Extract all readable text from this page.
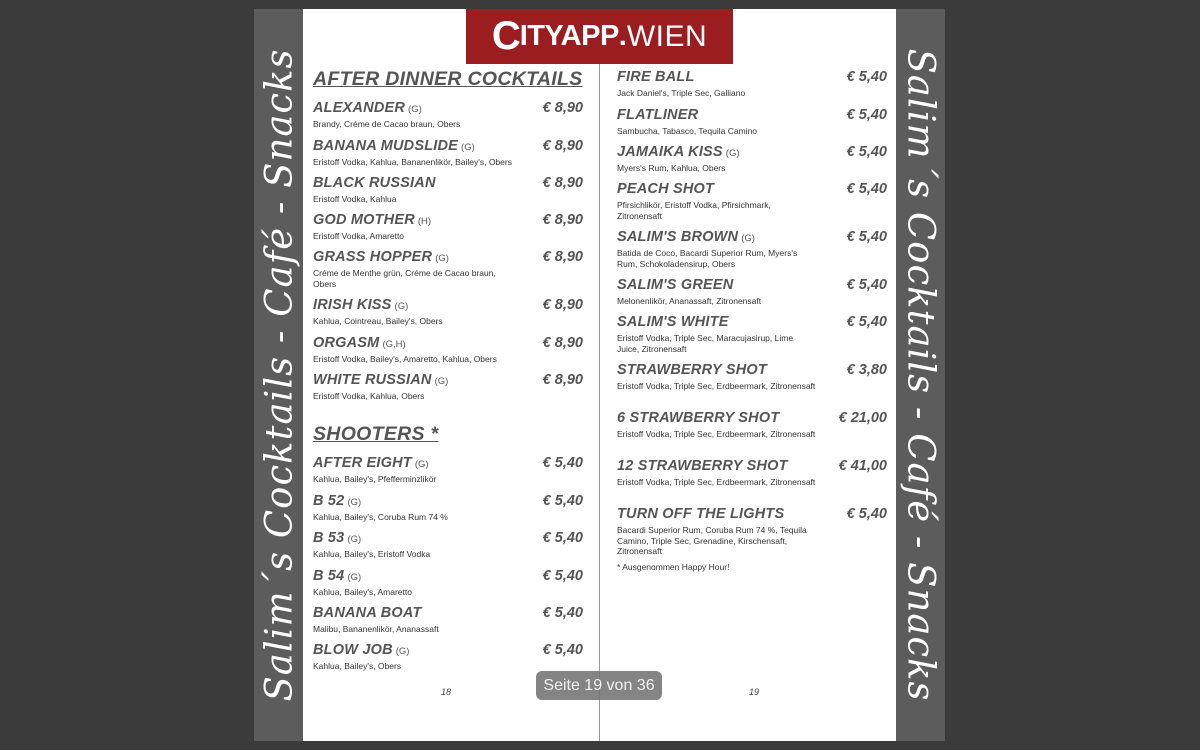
Salim´s Cocktails - Café - Snacks	Salim´s Cocktails - Café - Snacks
C ITYAPP . WIEN
AFTER DINNER COCKTAILS
ALEXANDER (G)	€ 8,90
Brandy, Créme de Cacao braun, Obers
BANANA MUDSLIDE (G)	€ 8,90
Eristoff Vodka, Kahlua, Bananenlikör, Bailey's, Obers
BLACK RUSSIAN	€ 8,90
Eristoff Vodka, Kahlua
GOD MOTHER (H)	€ 8,90
Eristoff Vodka, Amaretto
GRASS HOPPER (G)	€ 8,90
Créme de Menthe grün, Créme de Cacao braun, Obers
IRISH KISS (G)	€ 8,90
Kahlua, Cointreau, Bailey's, Obers
ORGASM (G,H)	€ 8,90
Eristoff Vodka, Bailey's, Amaretto, Kahlua, Obers
WHITE RUSSIAN (G)	€ 8,90
Eristoff Vodka, Kahlua, Obers
SHOOTERS *
AFTER EIGHT (G)	€ 5,40
Kahlua, Bailey's, Pfefferminzlikör
B 52 (G)	€ 5,40
Kahlua, Bailey's, Coruba Rum 74 %
B 53 (G)	€ 5,40
Kahlua, Bailey's, Eristoff Vodka
B 54 (G)	€ 5,40
Kahlua, Bailey's, Amaretto
BANANA BOAT	€ 5,40
Malibu, Bananenlikör, Ananassaft
BLOW JOB (G)	€ 5,40
Kahlua, Bailey's, Obers
18
FIRE BALL	€ 5,40
Jack Daniel's, Triple Sec, Galliano
FLATLINER	€ 5,40
Sambucha, Tabasco, Tequila Camino
JAMAIKA KISS (G)	€ 5,40
Myers's Rum, Kahlua, Obers
PEACH SHOT	€ 5,40
Pfirsichlikör, Eristoff Vodka, Pfirsichmark, Zitronensaft
SALIM'S BROWN (G)	€ 5,40
Batida de Coco, Bacardi Superior Rum, Myers's Rum, Schokoladensirup, Obers
SALIM'S GREEN	€ 5,40
Melonenlikör, Ananassaft, Zitronensaft
SALIM'S WHITE	€ 5,40
Eristoff Vodka, Triple Sec, Maracujasirup, Lime Juice, Zitronensaft
STRAWBERRY SHOT	€ 3,80
Eristoff Vodka, Triple Sec, Erdbeermark, Zitronensaft
6 STRAWBERRY SHOT	€ 21,00
Eristoff Vodka, Triple Sec, Erdbeermark, Zitronensaft
12 STRAWBERRY SHOT	€ 41,00
Eristoff Vodka, Triple Sec, Erdbeermark, Zitronensaft
TURN OFF THE LIGHTS	€ 5,40
Bacardi Superior Rum, Coruba Rum 74 %, Tequila Camino, Triple Sec, Grenadine, Kirschensaft, Zitronensaft
* Ausgenommen Happy Hour!
19
Seite 19 von 36
